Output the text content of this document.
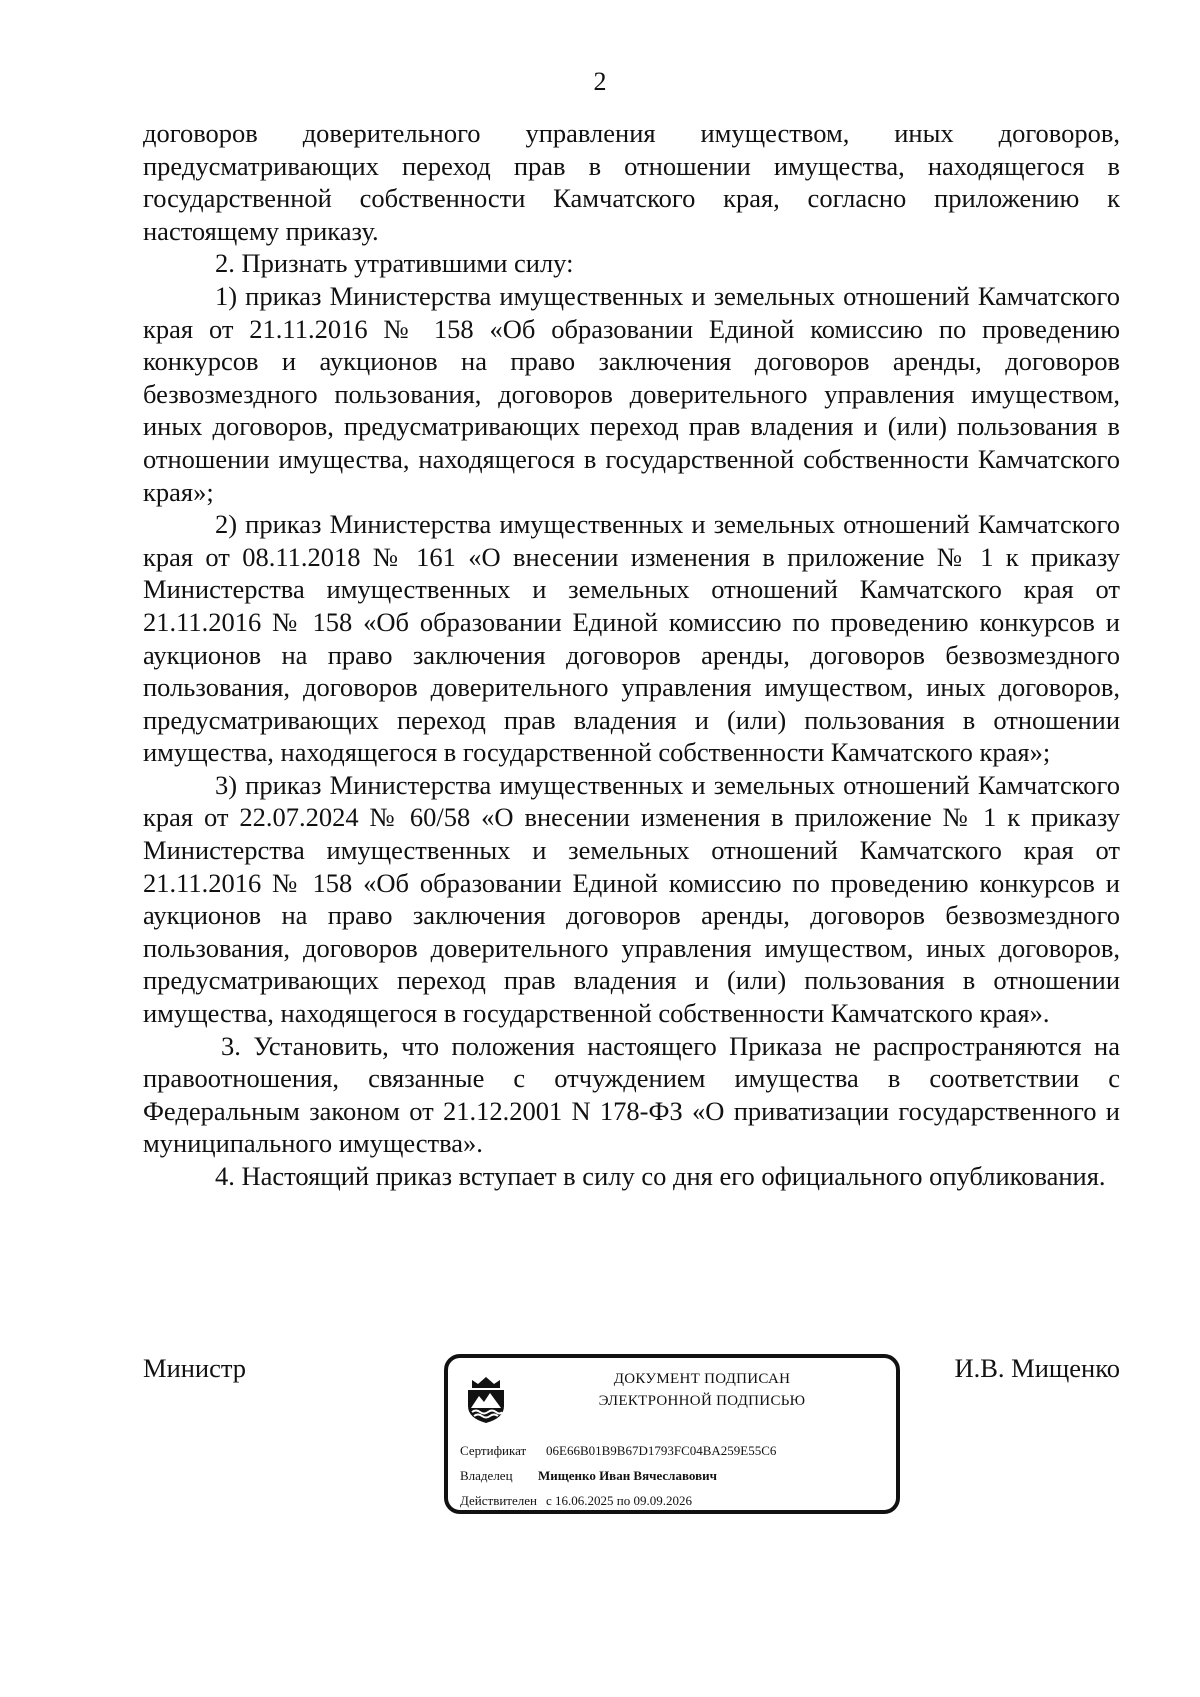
2

договоров доверительного управления имуществом, иных договоров, предусматривающих переход прав в отношении имущества, находящегося в государственной собственности Камчатского края, согласно приложению к настоящему приказу.

2. Признать утратившими силу:

1) приказ Министерства имущественных и земельных отношений Камчатского края от 21.11.2016 № 158 «Об образовании Единой комиссию по проведению конкурсов и аукционов на право заключения договоров аренды, договоров безвозмездного пользования, договоров доверительного управления имуществом, иных договоров, предусматривающих переход прав владения и (или) пользования в отношении имущества, находящегося в государственной собственности Камчатского края»;

2) приказ Министерства имущественных и земельных отношений Камчатского края от 08.11.2018 № 161 «О внесении изменения в приложение № 1 к приказу Министерства имущественных и земельных отношений Камчатского края от 21.11.2016 № 158 «Об образовании Единой комиссию по проведению конкурсов и аукционов на право заключения договоров аренды, договоров безвозмездного пользования, договоров доверительного управления имуществом, иных договоров, предусматривающих переход прав владения и (или) пользования в отношении имущества, находящегося в государственной собственности Камчатского края»;

3) приказ Министерства имущественных и земельных отношений Камчатского края от 22.07.2024 № 60/58 «О внесении изменения в приложение № 1 к приказу Министерства имущественных и земельных отношений Камчатского края от 21.11.2016 № 158 «Об образовании Единой комиссию по проведению конкурсов и аукционов на право заключения договоров аренды, договоров безвозмездного пользования, договоров доверительного управления имуществом, иных договоров, предусматривающих переход прав владения и (или) пользования в отношении имущества, находящегося в государственной собственности Камчатского края».

3. Установить, что положения настоящего Приказа не распространяются на правоотношения, связанные с отчуждением имущества в соответствии с Федеральным законом от 21.12.2001 N 178-ФЗ «О приватизации государственного и муниципального имущества».

4. Настоящий приказ вступает в силу со дня его официального опубликования.

Министр	ДОКУМЕНТ ПОДПИСАН
ЭЛЕКТРОННОЙ ПОДПИСЬЮ
Сертификат 06E66B01B9B67D1793FC04BA259E55C6
Владелец Мищенко Иван Вячеславович
Действителен с 16.06.2025 по 09.09.2026
И.В. Мищенко
